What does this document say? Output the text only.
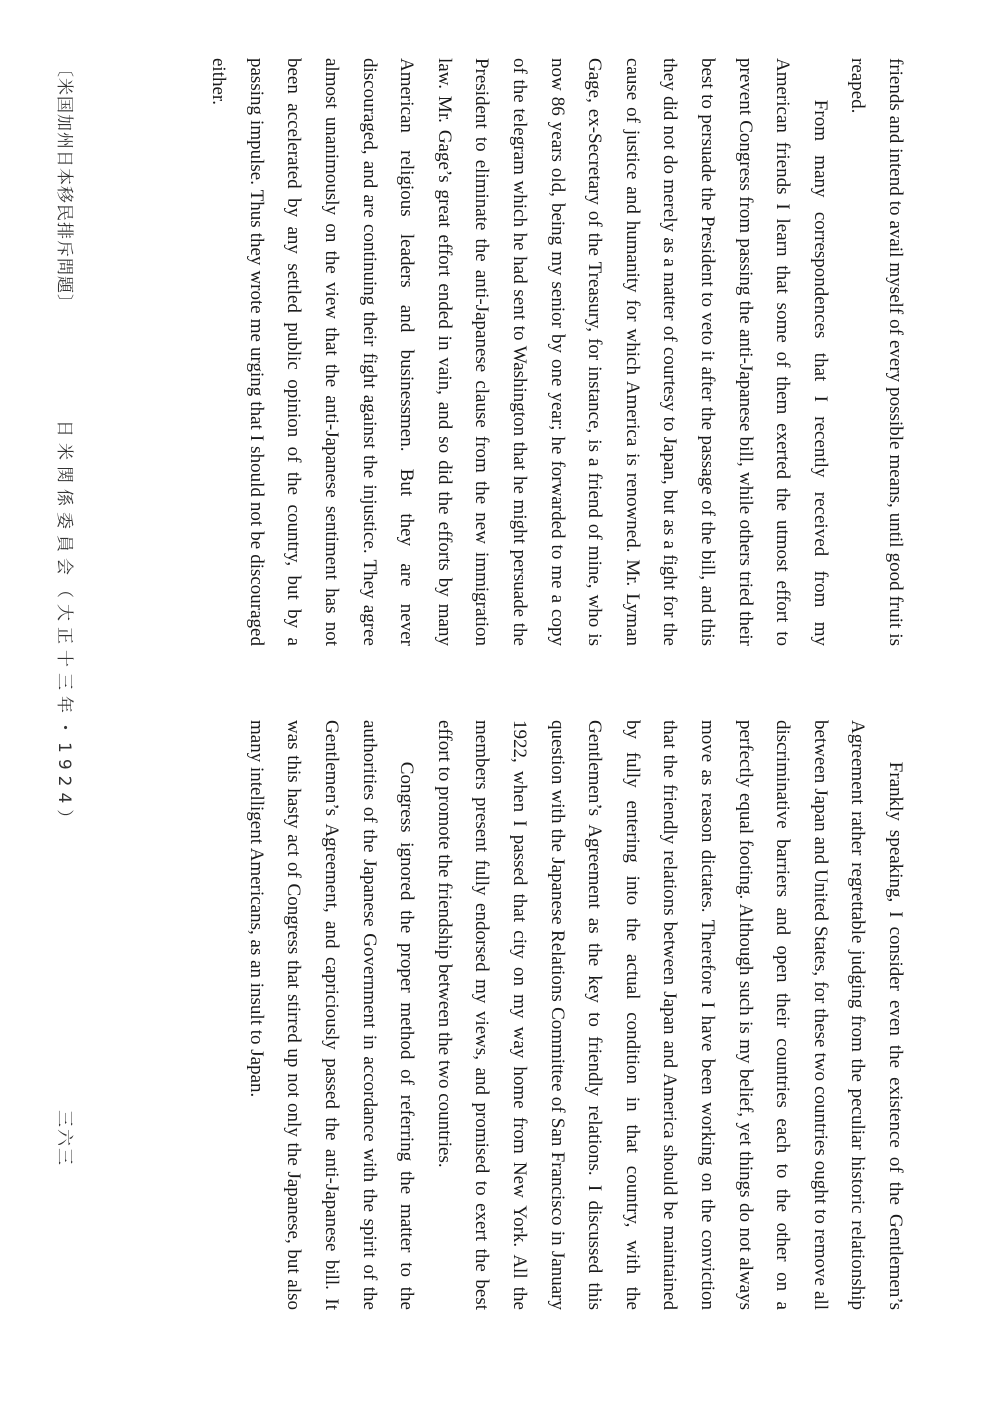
friends and intend to avail myself of every possible means, until good fruit is reaped.

From many correspondences that I recently received from my American friends I learn that some of them exerted the utmost effort to prevent Congress from passing the anti-Japanese bill, while others tried their best to persuade the President to veto it after the passage of the bill, and this they did not do merely as a matter of courtesy to Japan, but as a fight for the cause of justice and humanity for which America is renowned. Mr. Lyman Gage, ex-Secretary of the Treasury, for instance, is a friend of mine, who is now 86 years old, being my senior by one year; he forwarded to me a copy of the telegram which he had sent to Washington that he might persuade the President to eliminate the anti-Japanese clause from the new immigration law. Mr. Gage’s great effort ended in vain, and so did the efforts by many American religious leaders and businessmen. But they are never discouraged, and are continuing their fight against the injustice. They agree almost unanimously on the view that the anti-Japanese sentiment has not been accelerated by any settled public opinion of the country, but by a passing impulse. Thus they wrote me urging that I should not be discouraged either.

Frankly speaking, I consider even the existence of the Gentlemen’s Agreement rather regrettable judging from the peculiar historic relationship between Japan and United States, for these two countries ought to remove all discriminative barriers and open their countries each to the other on a perfectly equal footing. Although such is my belief, yet things do not always move as reason dictates. Therefore I have been working on the conviction that the friendly relations between Japan and America should be maintained by fully entering into the actual condition in that country, with the Gentlemen’s Agreement as the key to friendly relations. I discussed this question with the Japanese Relations Committee of San Francisco in January 1922, when I passed that city on my way home from New York. All the members present fully endorsed my views, and promised to exert the best effort to promote the friendship between the two countries.

Congress ignored the proper method of referring the matter to the authorities of the Japanese Government in accordance with the spirit of the Gentlemen’s Agreement, and capriciously passed the anti-Japanese bill. It was this hasty act of Congress that stirred up not only the Japanese, but also many intelligent Americans, as an insult to Japan.

〔米国加州日本移民排斥問題〕
日米関係委員会（大正十三年・1924）
三六三
